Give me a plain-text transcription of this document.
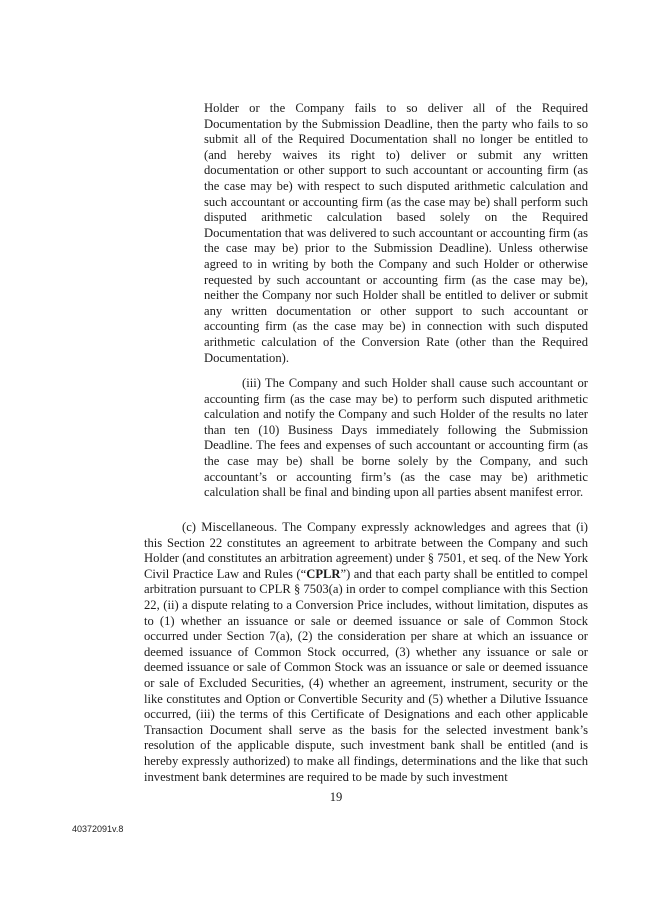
Holder or the Company fails to so deliver all of the Required Documentation by the Submission Deadline, then the party who fails to so submit all of the Required Documentation shall no longer be entitled to (and hereby waives its right to) deliver or submit any written documentation or other support to such accountant or accounting firm (as the case may be) with respect to such disputed arithmetic calculation and such accountant or accounting firm (as the case may be) shall perform such disputed arithmetic calculation based solely on the Required Documentation that was delivered to such accountant or accounting firm (as the case may be) prior to the Submission Deadline). Unless otherwise agreed to in writing by both the Company and such Holder or otherwise requested by such accountant or accounting firm (as the case may be), neither the Company nor such Holder shall be entitled to deliver or submit any written documentation or other support to such accountant or accounting firm (as the case may be) in connection with such disputed arithmetic calculation of the Conversion Rate (other than the Required Documentation).

(iii) The Company and such Holder shall cause such accountant or accounting firm (as the case may be) to perform such disputed arithmetic calculation and notify the Company and such Holder of the results no later than ten (10) Business Days immediately following the Submission Deadline. The fees and expenses of such accountant or accounting firm (as the case may be) shall be borne solely by the Company, and such accountant’s or accounting firm’s (as the case may be) arithmetic calculation shall be final and binding upon all parties absent manifest error.

(c) Miscellaneous. The Company expressly acknowledges and agrees that (i) this Section 22 constitutes an agreement to arbitrate between the Company and such Holder (and constitutes an arbitration agreement) under § 7501, et seq. of the New York Civil Practice Law and Rules (“CPLR”) and that each party shall be entitled to compel arbitration pursuant to CPLR § 7503(a) in order to compel compliance with this Section 22, (ii) a dispute relating to a Conversion Price includes, without limitation, disputes as to (1) whether an issuance or sale or deemed issuance or sale of Common Stock occurred under Section 7(a), (2) the consideration per share at which an issuance or deemed issuance of Common Stock occurred, (3) whether any issuance or sale or deemed issuance or sale of Common Stock was an issuance or sale or deemed issuance or sale of Excluded Securities, (4) whether an agreement, instrument, security or the like constitutes and Option or Convertible Security and (5) whether a Dilutive Issuance occurred, (iii) the terms of this Certificate of Designations and each other applicable Transaction Document shall serve as the basis for the selected investment bank’s resolution of the applicable dispute, such investment bank shall be entitled (and is hereby expressly authorized) to make all findings, determinations and the like that such investment bank determines are required to be made by such investment

19
40372091v.8
